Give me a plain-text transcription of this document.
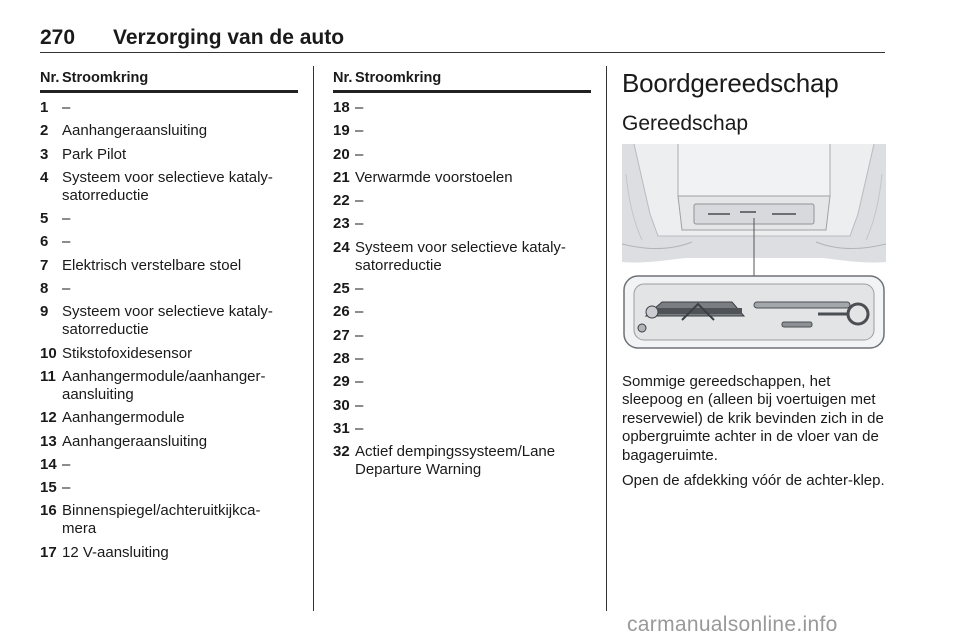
270 Verzorging van de auto
Nr. Stroomkring
1 –
2 Aanhangeraansluiting
3 Park Pilot
4 Systeem voor selectieve kataly-
satorreductie
5 –
6 –
7 Elektrisch verstelbare stoel
8 –
9 Systeem voor selectieve kataly-
satorreductie
10 Stikstofoxidesensor
11 Aanhangermodule/aanhanger-
aansluiting
12 Aanhangermodule
13 Aanhangeraansluiting
14 –
15 –
16 Binnenspiegel/achteruitkijkca-
mera
17 12 V-aansluiting
Nr. Stroomkring
18 –
19 –
20 –
21 Verwarmde voorstoelen
22 –
23 –
24 Systeem voor selectieve kataly-
satorreductie
25 –
26 –
27 –
28 –
29 –
30 –
31 –
32 Actief dempingssysteem/Lane
Departure Warning
Boordgereedschap
Gereedschap
Sommige gereedschappen, het sleepoog en (alleen bij voertuigen met reservewiel) de krik bevinden zich in de opbergruimte achter in de vloer van de bagageruimte.
Open de afdekking vóór de achter-klep.
carmanualsonline.info
